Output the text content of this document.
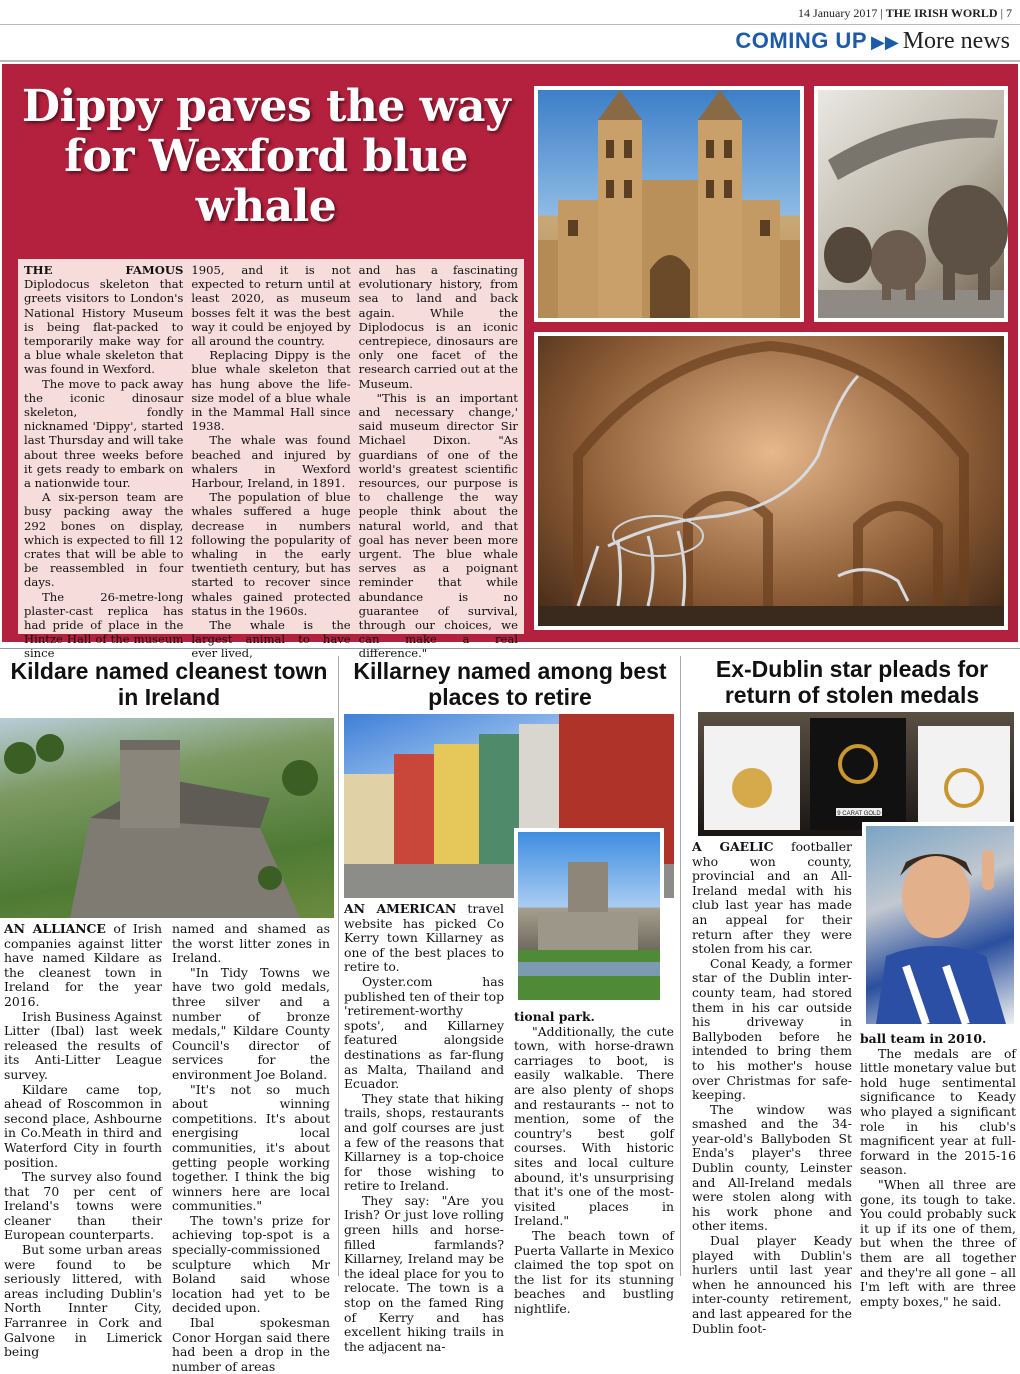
14 January 2017 | THE IRISH WORLD | 7
COMING UP ▶▶ More news
Dippy paves the way for Wexford blue whale

THE FAMOUS Diplodocus skeleton that greets visitors to London's National History Museum is being flat-packed to temporarily make way for a blue whale skeleton that was found in Wexford.

The move to pack away the iconic dinosaur skeleton, fondly nicknamed 'Dippy', started last Thursday and will take about three weeks before it gets ready to embark on a nationwide tour.

A six-person team are busy packing away the 292 bones on display, which is expected to fill 12 crates that will be able to be reassembled in four days.

The 26-metre-long plaster-cast replica has had pride of place in the Hintze Hall of the museum since

1905, and it is not expected to return until at least 2020, as museum bosses felt it was the best way it could be enjoyed by all around the country.

Replacing Dippy is the blue whale skeleton that has hung above the life-size model of a blue whale in the Mammal Hall since 1938.

The whale was found beached and injured by whalers in Wexford Harbour, Ireland, in 1891.

The population of blue whales suffered a huge decrease in numbers following the popularity of whaling in the early twentieth century, but has started to recover since whales gained protected status in the 1960s.

The whale is the largest animal to have ever lived,

and has a fascinating evolutionary history, from sea to land and back again. While the Diplodocus is an iconic centrepiece, dinosaurs are only one facet of the research carried out at the Museum.

"This is an important and necessary change,' said museum director Sir Michael Dixon. "As guardians of one of the world's greatest scientific resources, our purpose is to challenge the way people think about the natural world, and that goal has never been more urgent. The blue whale serves as a poignant reminder that while abundance is no guarantee of survival, through our choices, we can make a real difference."

Kildare named cleanest town in Ireland

AN ALLIANCE of Irish companies against litter have named Kildare as the cleanest town in Ireland for the year 2016.

Irish Business Against Litter (Ibal) last week released the results of its Anti-Litter League survey.

Kildare came top, ahead of Roscommon in second place, Ashbourne in Co.Meath in third and Waterford City in fourth position.

The survey also found that 70 per cent of Ireland's towns were cleaner than their European counterparts.

But some urban areas were found to be seriously littered, with areas including Dublin's North Innter City, Farranree in Cork and Galvone in Limerick being

named and shamed as the worst litter zones in Ireland.

"In Tidy Towns we have two gold medals, three silver and a number of bronze medals," Kildare County Council's director of services for the environment Joe Boland.

"It's not so much about winning competitions. It's about energising local communities, it's about getting people working together. I think the big winners here are local communities."

The town's prize for achieving top-spot is a specially-commissioned sculpture which Mr Boland said whose location had yet to be decided upon.

Ibal spokesman Conor Horgan said there had been a drop in the number of areas

Killarney named among best places to retire

AN AMERICAN travel website has picked Co Kerry town Killarney as one of the best places to retire to.

Oyster.com has published ten of their top 'retirement-worthy spots', and Killarney featured alongside destinations as far-flung as Malta, Thailand and Ecuador.

They state that hiking trails, shops, restaurants and golf courses are just a few of the reasons that Killarney is a top-choice for those wishing to retire to Ireland.

They say: "Are you Irish? Or just love rolling green hills and horse-filled farmlands? Killarney, Ireland may be the ideal place for you to relocate. The town is a stop on the famed Ring of Kerry and has excellent hiking trails in the adjacent na-

tional park.

"Additionally, the cute town, with horse-drawn carriages to boot, is easily walkable. There are also plenty of shops and restaurants -- not to mention, some of the country's best golf courses. With historic sites and local culture abound, it's unsurprising that it's one of the most-visited places in Ireland."

The beach town of Puerta Vallarte in Mexico claimed the top spot on the list for its stunning beaches and bustling nightlife.

Ex-Dublin star pleads for return of stolen medals
9 CARAT GOLD

A GAELIC footballer who won county, provincial and an All-Ireland medal with his club last year has made an appeal for their return after they were stolen from his car.

Conal Keady, a former star of the Dublin inter-county team, had stored them in his car outside his driveway in Ballyboden before he intended to bring them to his mother's house over Christmas for safe-keeping.

The window was smashed and the 34-year-old's Ballyboden St Enda's player's three Dublin county, Leinster and All-Ireland medals were stolen along with his work phone and other items.

Dual player Keady played with Dublin's hurlers until last year when he announced his inter-county retirement, and last appeared for the Dublin foot-

ball team in 2010.

The medals are of little monetary value but hold huge sentimental significance to Keady who played a significant role in his club's magnificent year at full-forward in the 2015-16 season.

"When all three are gone, its tough to take. You could probably suck it up if its one of them, but when the three of them are all together and they're all gone – all I'm left with are three empty boxes," he said.
